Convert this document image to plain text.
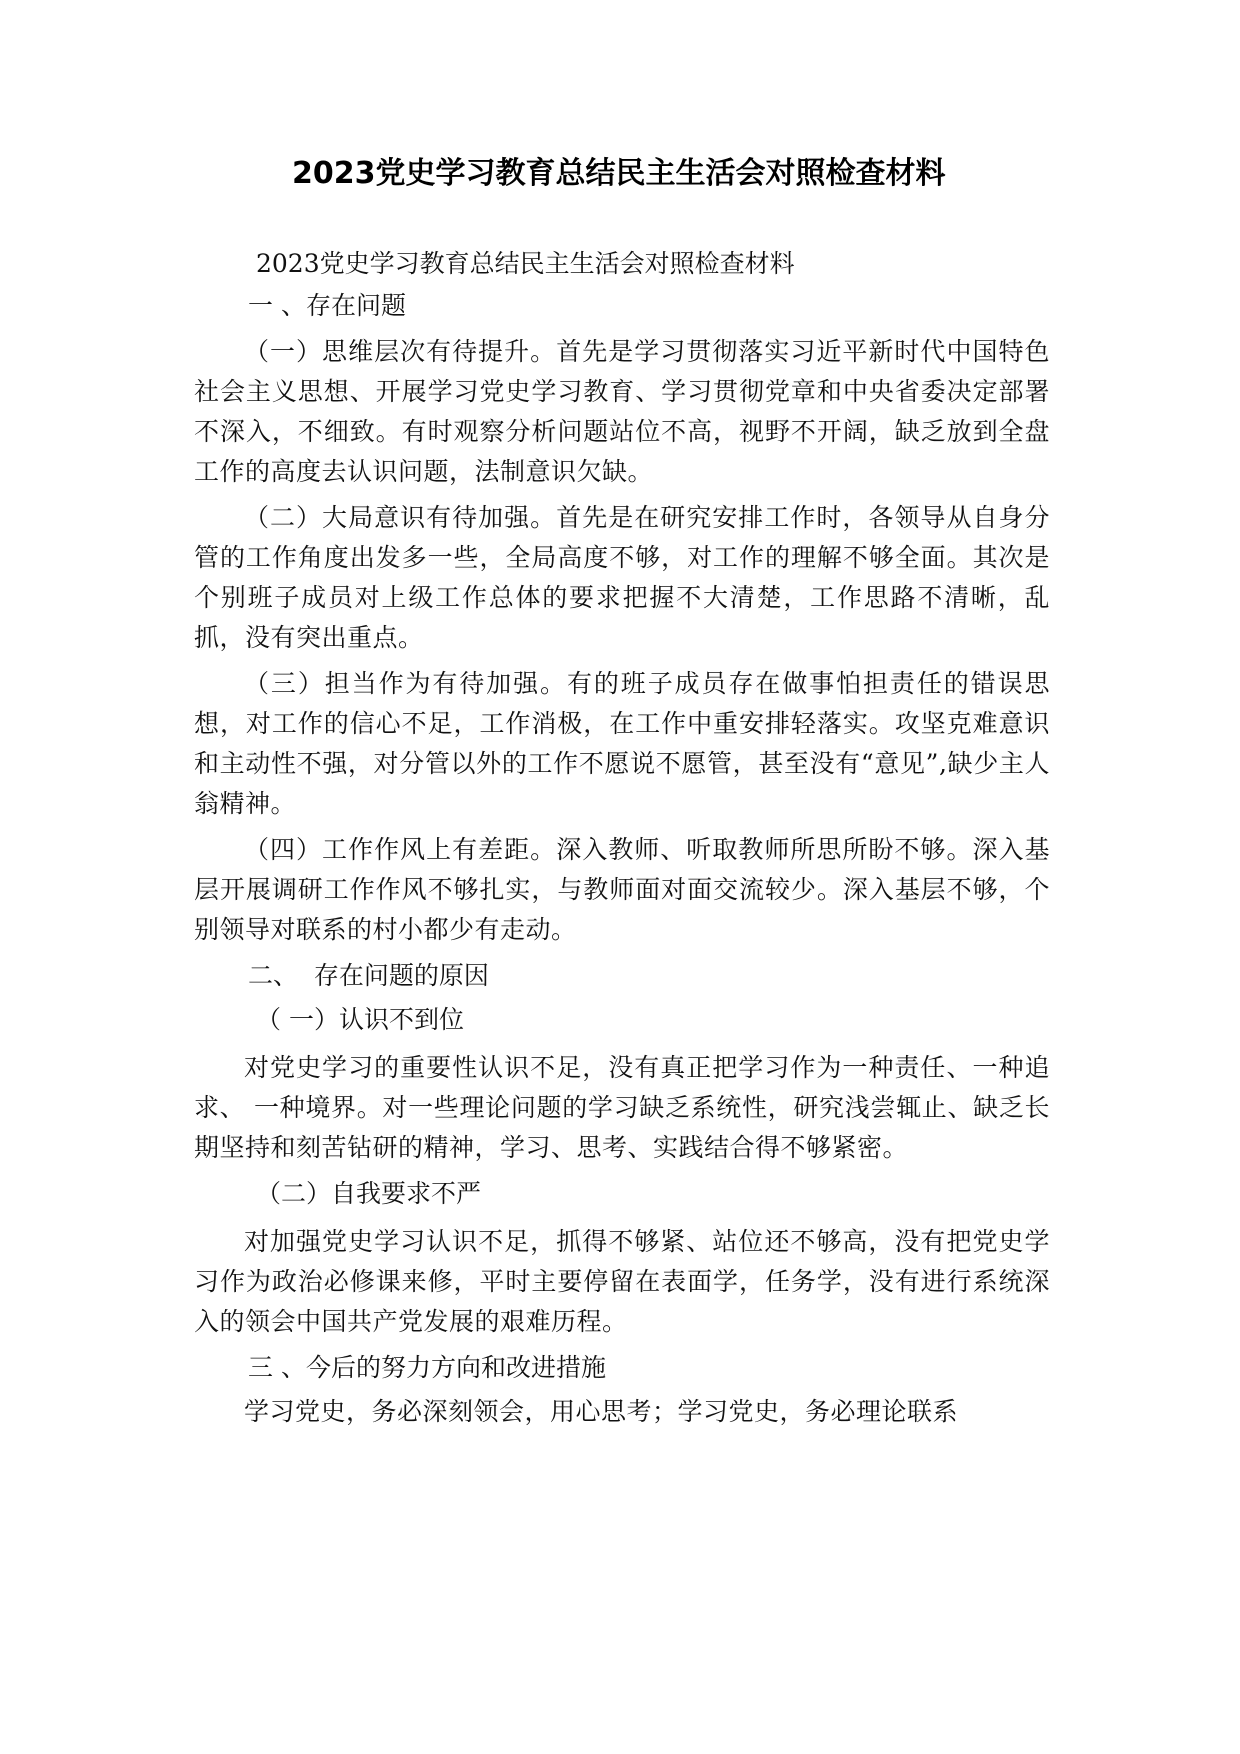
2023党史学习教育总结民主生活会对照检查材料

2023党史学习教育总结民主生活会对照检查材料

一 、存在问题

（一）思维层次有待提升。首先是学习贯彻落实习近平新时代中国特色社会主义思想、开展学习党史学习教育、学习贯彻党章和中央省委决定部署不深入，不细致。有时观察分析问题站位不高，视野不开阔，缺乏放到全盘工作的高度去认识问题，法制意识欠缺。

（二）大局意识有待加强。首先是在研究安排工作时，各领导从自身分管的工作角度出发多一些，全局高度不够，对工作的理解不够全面。其次是个别班子成员对上级工作总体的要求把握不大清楚，工作思路不清晰，乱抓，没有突出重点。

（三）担当作为有待加强。有的班子成员存在做事怕担责任的错误思想，对工作的信心不足，工作消极，在工作中重安排轻落实。攻坚克难意识和主动性不强，对分管以外的工作不愿说不愿管，甚至没有“意见”,缺少主人翁精神。

（四）工作作风上有差距。深入教师、听取教师所思所盼不够。深入基层开展调研工作作风不够扎实，与教师面对面交流较少。深入基层不够，个别领导对联系的村小都少有走动。

二、  存在问题的原因

（ 一）认识不到位

对党史学习的重要性认识不足，没有真正把学习作为一种责任、一种追求、 一种境界。对一些理论问题的学习缺乏系统性，研究浅尝辄止、缺乏长期坚持和刻苦钻研的精神，学习、思考、实践结合得不够紧密。

（二）自我要求不严

对加强党史学习认识不足，抓得不够紧、站位还不够高，没有把党史学习作为政治必修课来修，平时主要停留在表面学，任务学，没有进行系统深入的领会中国共产党发展的艰难历程。

三 、今后的努力方向和改进措施

学习党史，务必深刻领会，用心思考；学习党史，务必理论联系
